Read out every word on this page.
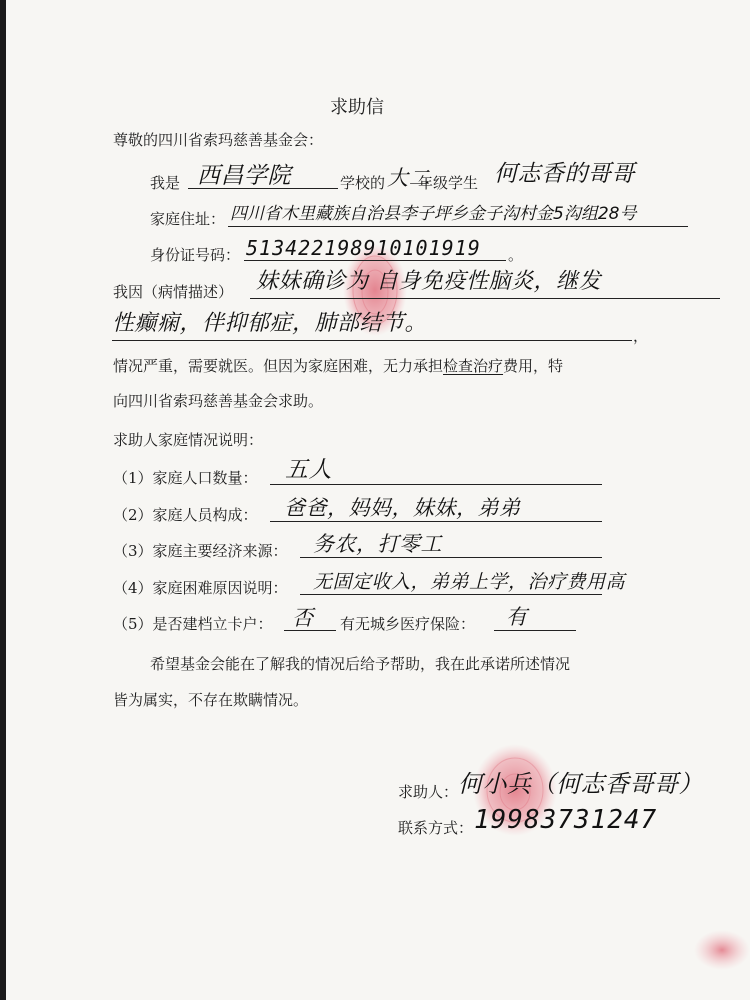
求助信
尊敬的四川省索玛慈善基金会：
我是 西昌学院	学校的 大二
年级学生 何志香的哥哥
家庭住址： 四川省木里藏族自治县李子坪乡金子沟村金5沟组28号
身份证号码： 513422198910101919 。
我因（病情描述） 妹妹确诊为 自身免疫性脑炎，继发
性癫痫，伴抑郁症，肺部结节。	，
情况严重，需要就医。但因为家庭困难，无力承担检查治疗费用，特
向四川省索玛慈善基金会求助。
求助人家庭情况说明：
（1）家庭人口数量： 五人
（2）家庭人员构成： 爸爸，妈妈，妹妹，弟弟
（3）家庭主要经济来源： 务农，打零工
（4）家庭困难原因说明： 无固定收入，弟弟上学，治疗费用高
（5）是否建档立卡户： 否 有无城乡医疗保险： 有
希望基金会能在了解我的情况后给予帮助，我在此承诺所述情况
皆为属实，不存在欺瞒情况。
求助人： 何小兵（何志香哥哥）
联系方式： 19983731247
